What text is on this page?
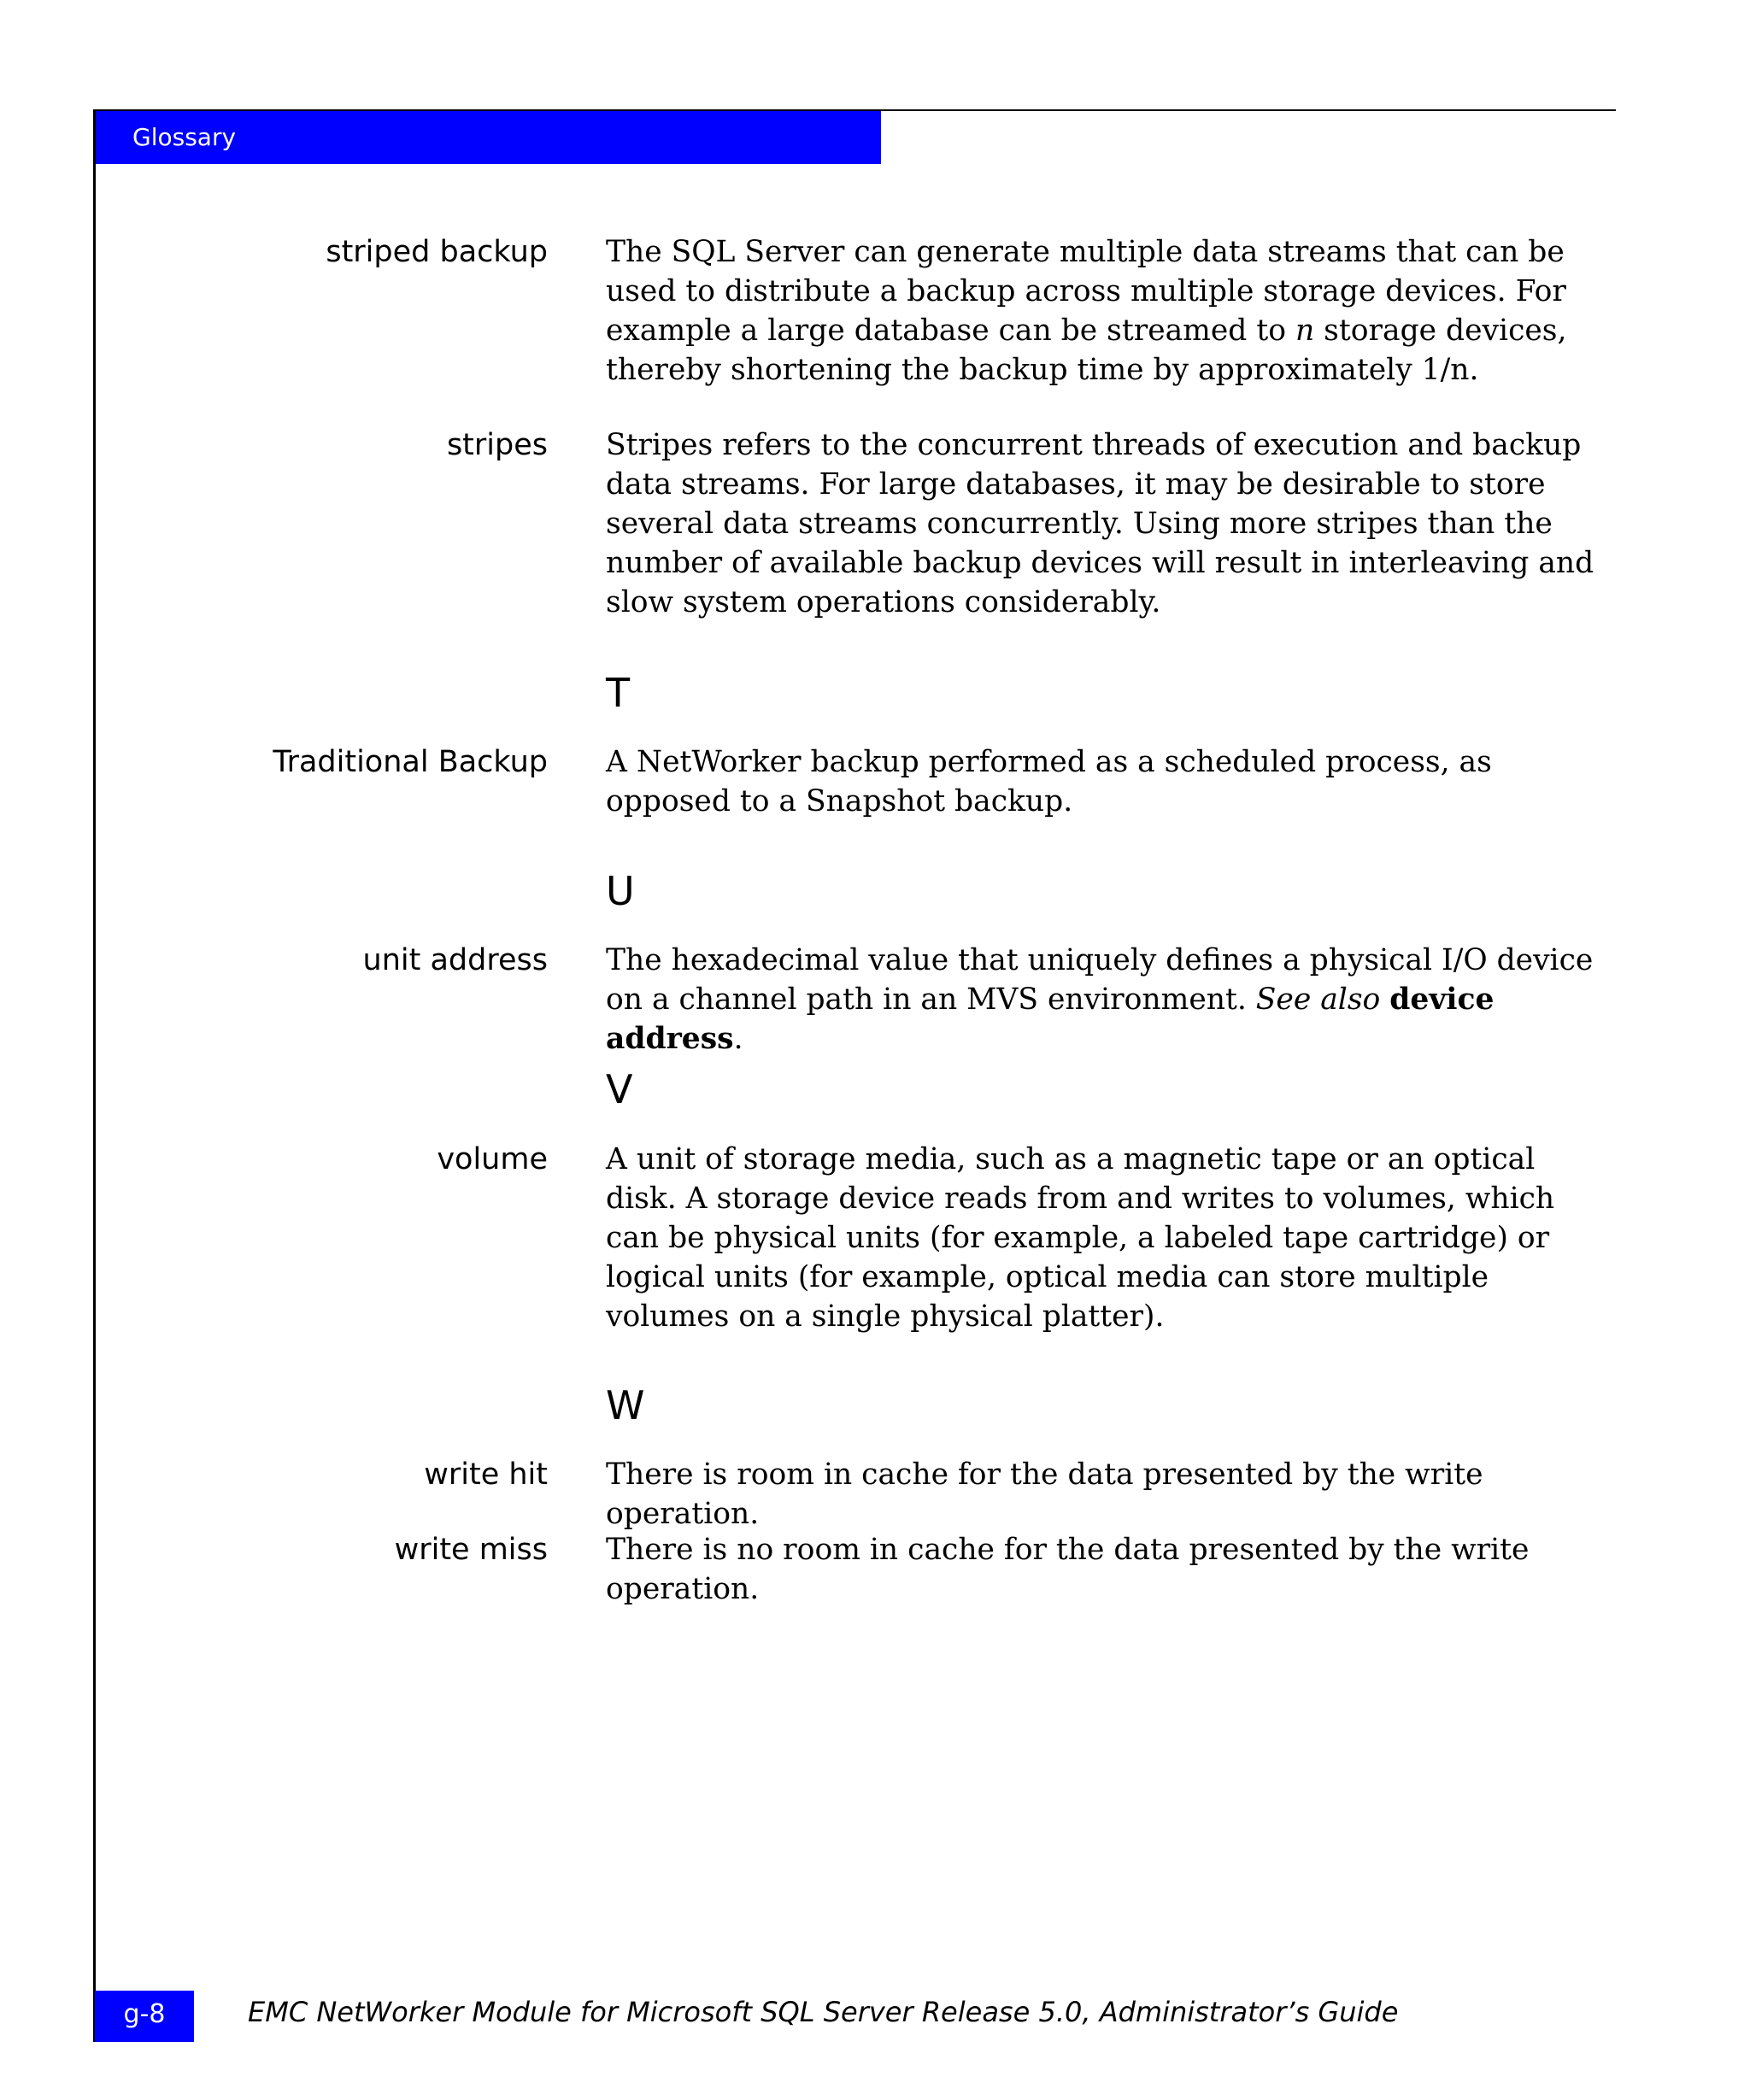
Glossary
striped backup The SQL Server can generate multiple data streams that can be used to distribute a backup across multiple storage devices. For example a large database can be streamed to n storage devices, thereby shortening the backup time by approximately 1/n.
stripes Stripes refers to the concurrent threads of execution and backup data streams. For large databases, it may be desirable to store several data streams concurrently. Using more stripes than the number of available backup devices will result in interleaving and slow system operations considerably.
T
Traditional Backup A NetWorker backup performed as a scheduled process, as opposed to a Snapshot backup.
U
unit address The hexadecimal value that uniquely defines a physical I/O device on a channel path in an MVS environment. See also device address.
V
volume A unit of storage media, such as a magnetic tape or an optical disk. A storage device reads from and writes to volumes, which can be physical units (for example, a labeled tape cartridge) or logical units (for example, optical media can store multiple volumes on a single physical platter).
W
write hit There is room in cache for the data presented by the write operation.
write miss There is no room in cache for the data presented by the write operation.
g-8	EMC NetWorker Module for Microsoft SQL Server Release 5.0, Administrator’s Guide
